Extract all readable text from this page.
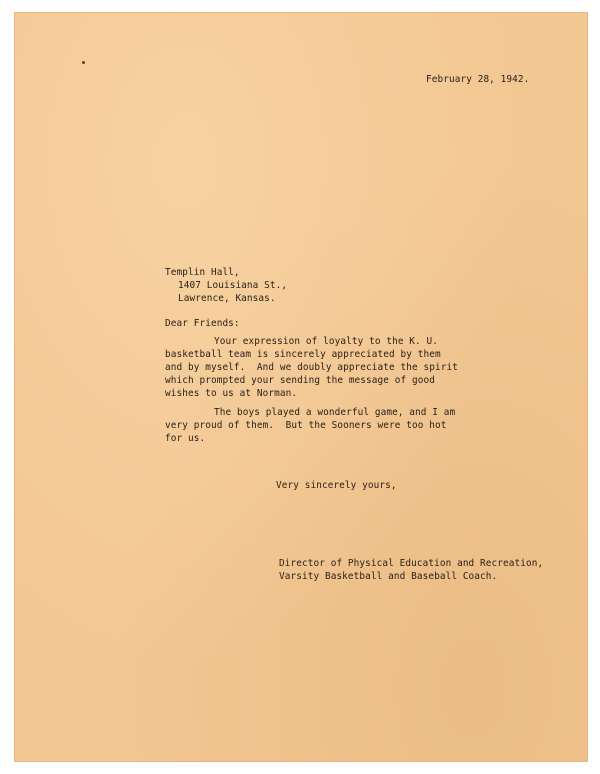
February 28, 1942.
Templin Hall,
1407 Louisiana St.,
Lawrence, Kansas.
Dear Friends:
Your expression of loyalty to the K. U.
basketball team is sincerely appreciated by them
and by myself.  And we doubly appreciate the spirit
which prompted your sending the message of good
wishes to us at Norman.
The boys played a wonderful game, and I am
very proud of them.  But the Sooners were too hot
for us.
Very sincerely yours,
Director of Physical Education and Recreation,
Varsity Basketball and Baseball Coach.
